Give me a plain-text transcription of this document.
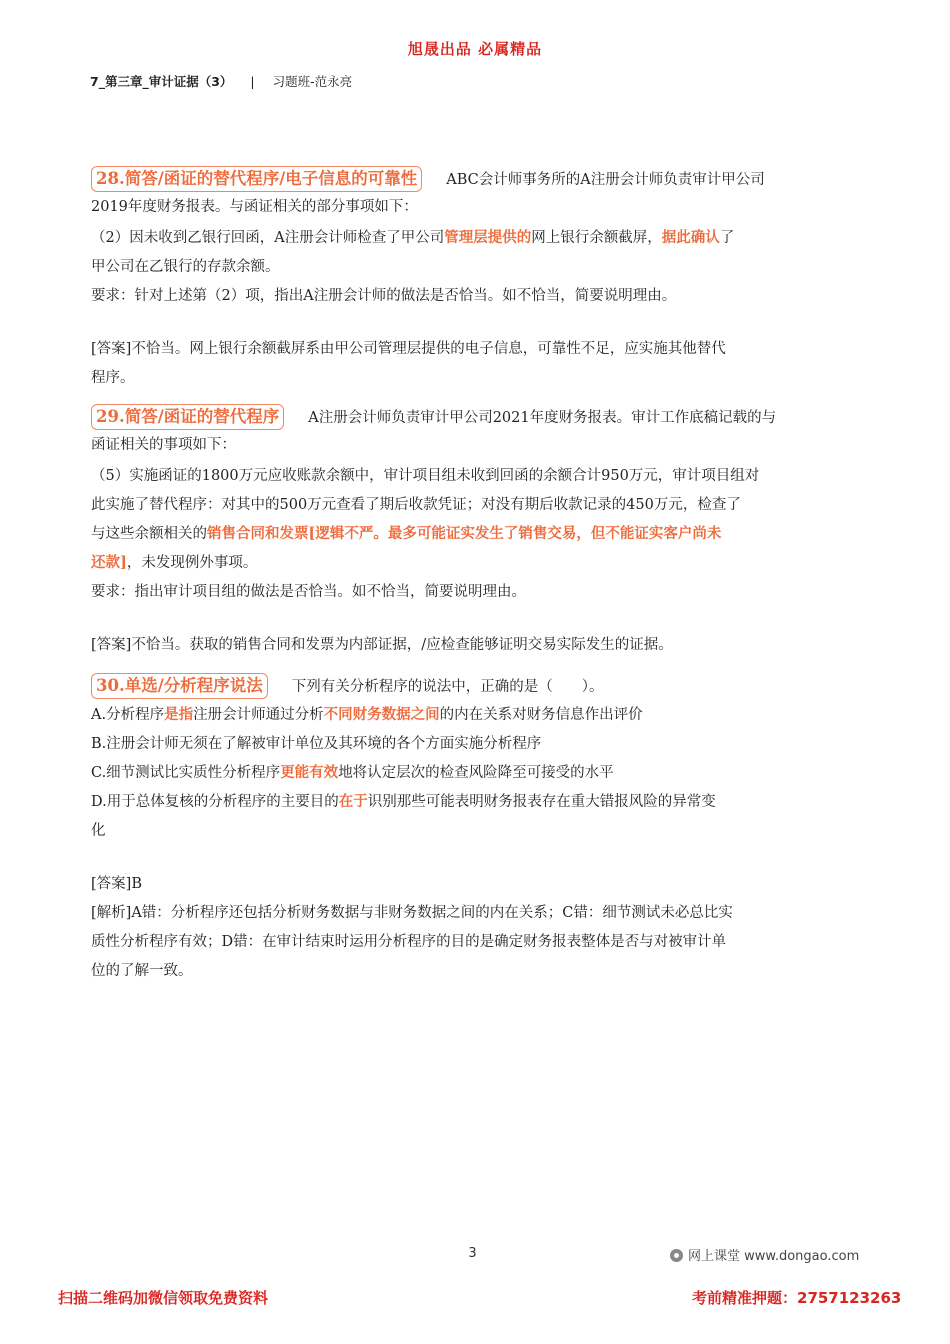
旭晟出品 必属精品
7_第三章_审计证据（3） | 习题班-范永亮
28.简答/函证的替代程序/电子信息的可靠性 ABC会计师事务所的A注册会计师负责审计甲公司
2019年度财务报表。与函证相关的部分事项如下：
（2）因未收到乙银行回函，A注册会计师检查了甲公司管理层提供的网上银行余额截屏，据此确认了
甲公司在乙银行的存款余额。
要求：针对上述第（2）项，指出A注册会计师的做法是否恰当。如不恰当，简要说明理由。
[答案]不恰当。网上银行余额截屏系由甲公司管理层提供的电子信息，可靠性不足，应实施其他替代
程序。
29.简答/函证的替代程序 A注册会计师负责审计甲公司2021年度财务报表。审计工作底稿记载的与
函证相关的事项如下：
（5）实施函证的1800万元应收账款余额中，审计项目组未收到回函的余额合计950万元，审计项目组对
此实施了替代程序：对其中的500万元查看了期后收款凭证；对没有期后收款记录的450万元，检查了
与这些余额相关的销售合同和发票[逻辑不严。最多可能证实发生了销售交易，但不能证实客户尚未
还款]，未发现例外事项。
要求：指出审计项目组的做法是否恰当。如不恰当，简要说明理由。
[答案]不恰当。获取的销售合同和发票为内部证据，/应检查能够证明交易实际发生的证据。
30.单选/分析程序说法 下列有关分析程序的说法中，正确的是（　　）。
A.分析程序是指注册会计师通过分析不同财务数据之间的内在关系对财务信息作出评价
B.注册会计师无须在了解被审计单位及其环境的各个方面实施分析程序
C.细节测试比实质性分析程序更能有效地将认定层次的检查风险降至可接受的水平
D.用于总体复核的分析程序的主要目的在于识别那些可能表明财务报表存在重大错报风险的异常变
化
[答案]B
[解析]A错：分析程序还包括分析财务数据与非财务数据之间的内在关系；C错：细节测试未必总比实
质性分析程序有效；D错：在审计结束时运用分析程序的目的是确定财务报表整体是否与对被审计单
位的了解一致。
3	网上课堂 www.dongao.com
扫描二维码加微信领取免费资料	考前精准押题：2757123263
